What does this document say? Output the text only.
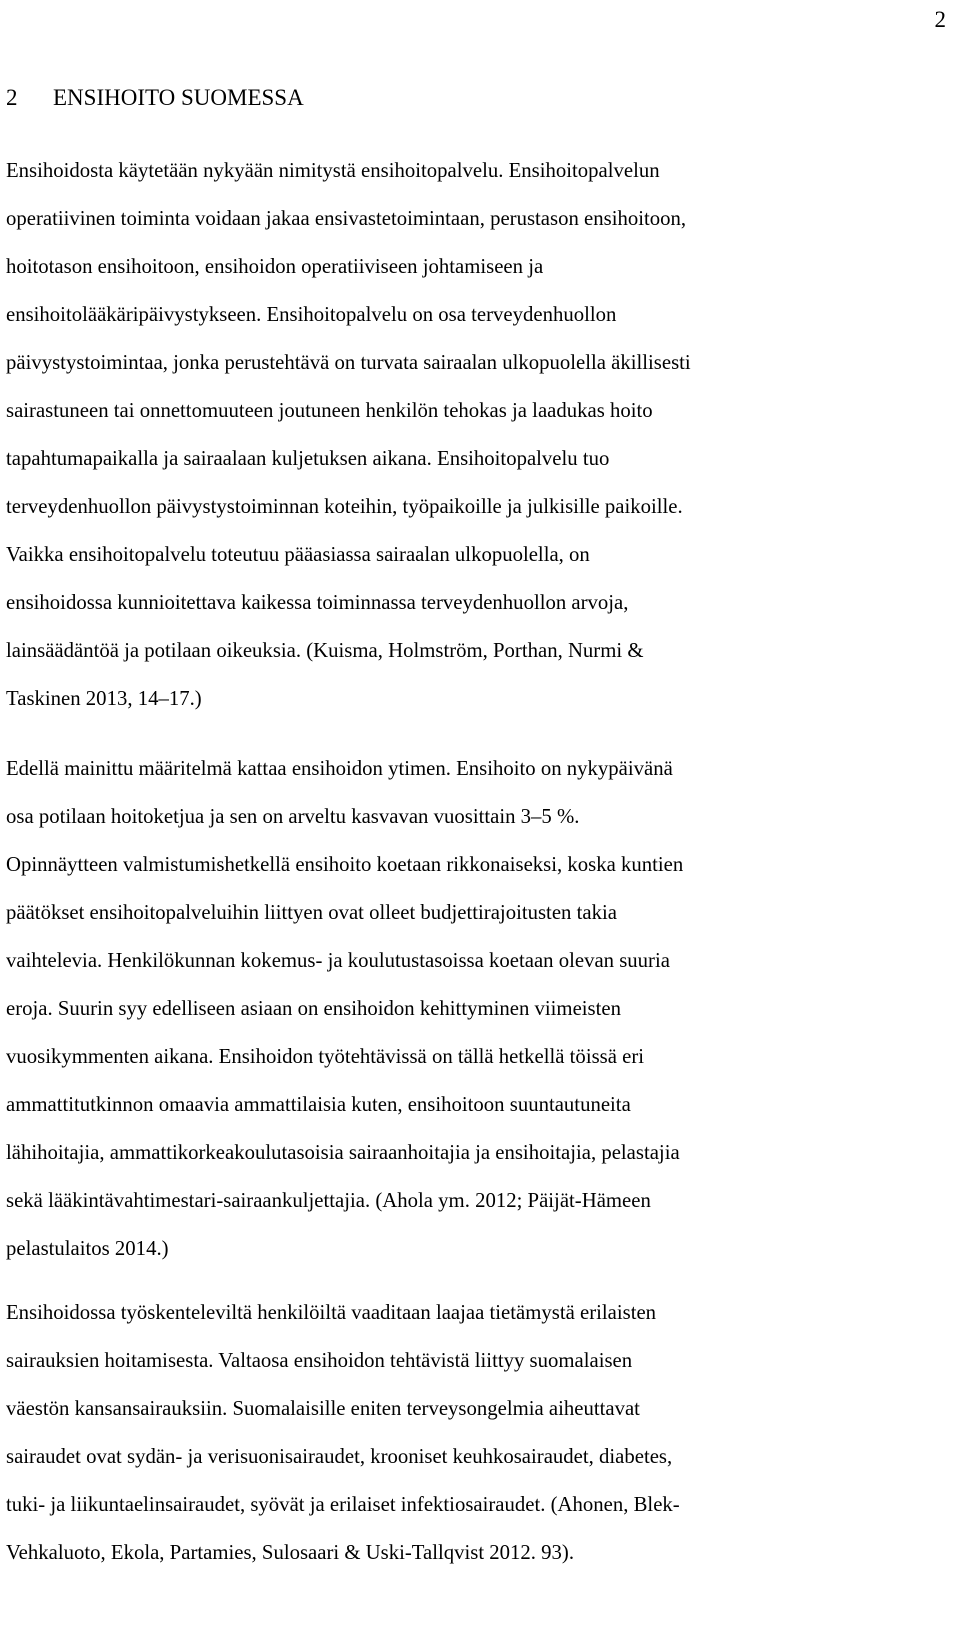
2
2 ENSIHOITO SUOMESSA

Ensihoidosta käytetään nykyään nimitystä ensihoitopalvelu. Ensihoitopalvelun
operatiivinen toiminta voidaan jakaa ensivastetoimintaan, perustason ensihoitoon,
hoitotason ensihoitoon, ensihoidon operatiiviseen johtamiseen ja
ensihoitolääkäripäivystykseen. Ensihoitopalvelu on osa terveydenhuollon
päivystystoimintaa, jonka perustehtävä on turvata sairaalan ulkopuolella äkillisesti
sairastuneen tai onnettomuuteen joutuneen henkilön tehokas ja laadukas hoito
tapahtumapaikalla ja sairaalaan kuljetuksen aikana. Ensihoitopalvelu tuo
terveydenhuollon päivystystoiminnan koteihin, työpaikoille ja julkisille paikoille.
Vaikka ensihoitopalvelu toteutuu pääasiassa sairaalan ulkopuolella, on
ensihoidossa kunnioitettava kaikessa toiminnassa terveydenhuollon arvoja,
lainsäädäntöä ja potilaan oikeuksia. (Kuisma, Holmström, Porthan, Nurmi &
Taskinen 2013, 14–17.)

Edellä mainittu määritelmä kattaa ensihoidon ytimen. Ensihoito on nykypäivänä
osa potilaan hoitoketjua ja sen on arveltu kasvavan vuosittain 3–5 %.
Opinnäytteen valmistumishetkellä ensihoito koetaan rikkonaiseksi, koska kuntien
päätökset ensihoitopalveluihin liittyen ovat olleet budjettirajoitusten takia
vaihtelevia. Henkilökunnan kokemus- ja koulutustasoissa koetaan olevan suuria
eroja. Suurin syy edelliseen asiaan on ensihoidon kehittyminen viimeisten
vuosikymmenten aikana. Ensihoidon työtehtävissä on tällä hetkellä töissä eri
ammattitutkinnon omaavia ammattilaisia kuten, ensihoitoon suuntautuneita
lähihoitajia, ammattikorkeakoulutasoisia sairaanhoitajia ja ensihoitajia, pelastajia
sekä lääkintävahtimestari-sairaankuljettajia. (Ahola ym. 2012; Päijät-Hämeen
pelastulaitos 2014.)

Ensihoidossa työskenteleviltä henkilöiltä vaaditaan laajaa tietämystä erilaisten
sairauksien hoitamisesta. Valtaosa ensihoidon tehtävistä liittyy suomalaisen
väestön kansansairauksiin. Suomalaisille eniten terveysongelmia aiheuttavat
sairaudet ovat sydän- ja verisuonisairaudet, krooniset keuhkosairaudet, diabetes,
tuki- ja liikuntaelinsairaudet, syövät ja erilaiset infektiosairaudet. (Ahonen, Blek-
Vehkaluoto, Ekola, Partamies, Sulosaari & Uski-Tallqvist 2012. 93).
